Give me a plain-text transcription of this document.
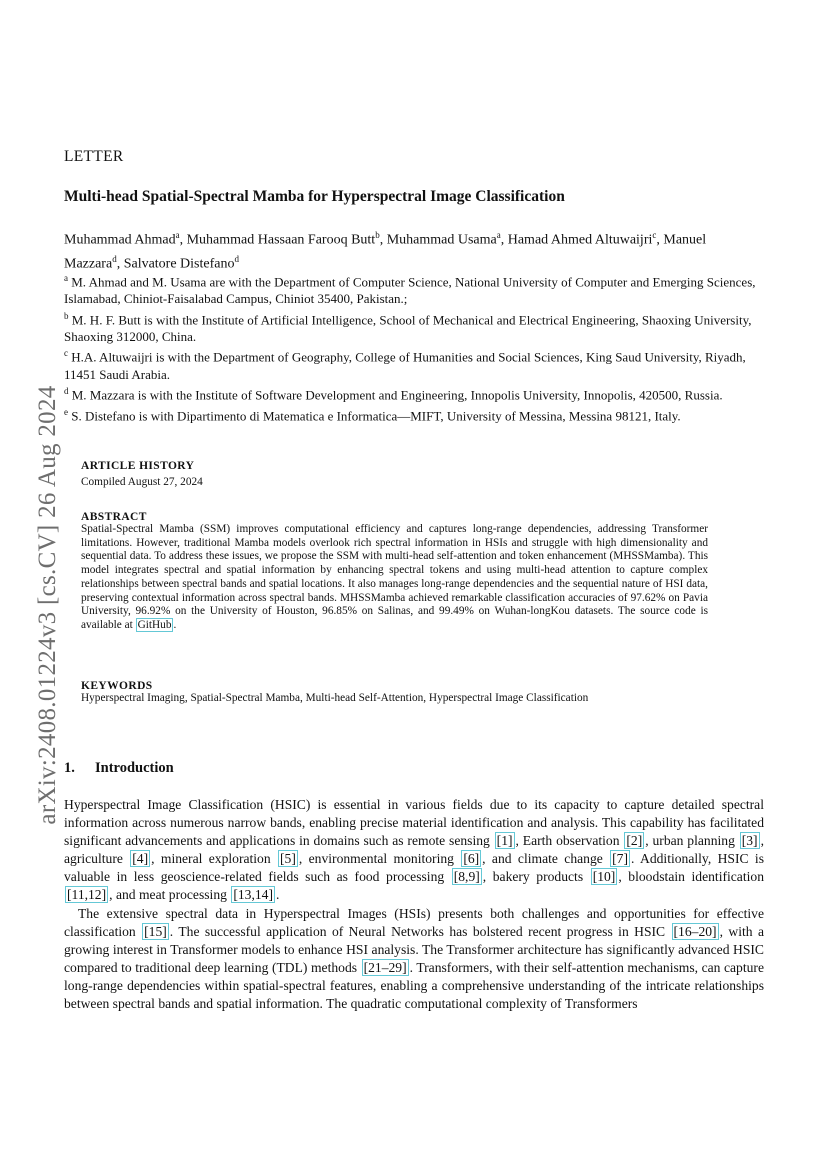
arXiv:2408.01224v3 [cs.CV] 26 Aug 2024
LETTER
Multi-head Spatial-Spectral Mamba for Hyperspectral Image Classification
Muhammad Ahmad$^a$, Muhammad Hassaan Farooq Butt$^b$, Muhammad Usama$^a$, Hamad Ahmed Altuwaijri$^c$, Manuel Mazzara$^d$, Salvatore Distefano$^d$

$^a$ M. Ahmad and M. Usama are with the Department of Computer Science, National University of Computer and Emerging Sciences, Islamabad, Chiniot-Faisalabad Campus, Chiniot 35400, Pakistan.;

$^b$ M. H. F. Butt is with the Institute of Artificial Intelligence, School of Mechanical and Electrical Engineering, Shaoxing University, Shaoxing 312000, China.

$^c$ H.A. Altuwaijri is with the Department of Geography, College of Humanities and Social Sciences, King Saud University, Riyadh, 11451 Saudi Arabia.

$^d$ M. Mazzara is with the Institute of Software Development and Engineering, Innopolis University, Innopolis, 420500, Russia.

$^e$ S. Distefano is with Dipartimento di Matematica e Informatica—MIFT, University of Messina, Messina 98121, Italy.

ARTICLE HISTORY
Compiled August 27, 2024
ABSTRACT
Spatial-Spectral Mamba (SSM) improves computational efficiency and captures long-range dependencies, addressing Transformer limitations. However, traditional Mamba models overlook rich spectral information in HSIs and struggle with high dimensionality and sequential data. To address these issues, we propose the SSM with multi-head self-attention and token enhancement (MHSSMamba). This model integrates spectral and spatial information by enhancing spectral tokens and using multi-head attention to capture complex relationships between spectral bands and spatial locations. It also manages long-range dependencies and the sequential nature of HSI data, preserving contextual information across spectral bands. MHSSMamba achieved remarkable classification accuracies of 97.62% on Pavia University, 96.92% on the University of Houston, 96.85% on Salinas, and 99.49% on Wuhan-longKou datasets. The source code is available at GitHub .
KEYWORDS
Hyperspectral Imaging, Spatial-Spectral Mamba, Multi-head Self-Attention, Hyperspectral Image Classification
1. Introduction

Hyperspectral Image Classification (HSIC) is essential in various fields due to its capacity to capture detailed spectral information across numerous narrow bands, enabling precise material identification and analysis. This capability has facilitated significant advancements and applications in domains such as remote sensing [1] , Earth observation [2] , urban planning [3] , agriculture [4] , mineral exploration [5] , environmental monitoring [6] , and climate change [7] . Additionally, HSIC is valuable in less geoscience-related fields such as food processing [8,9] , bakery products [10] , bloodstain identification [11,12] , and meat processing [13,14] .

The extensive spectral data in Hyperspectral Images (HSIs) presents both challenges and opportunities for effective classification [15] . The successful application of Neural Networks has bolstered recent progress in HSIC [16–20] , with a growing interest in Transformer models to enhance HSI analysis. The Transformer architecture has significantly advanced HSIC compared to traditional deep learning (TDL) methods [21–29] . Transformers, with their self-attention mechanisms, can capture long-range dependencies within spatial-spectral features, enabling a comprehensive understanding of the intricate relationships between spectral bands and spatial information. The quadratic computational complexity of Transformers
